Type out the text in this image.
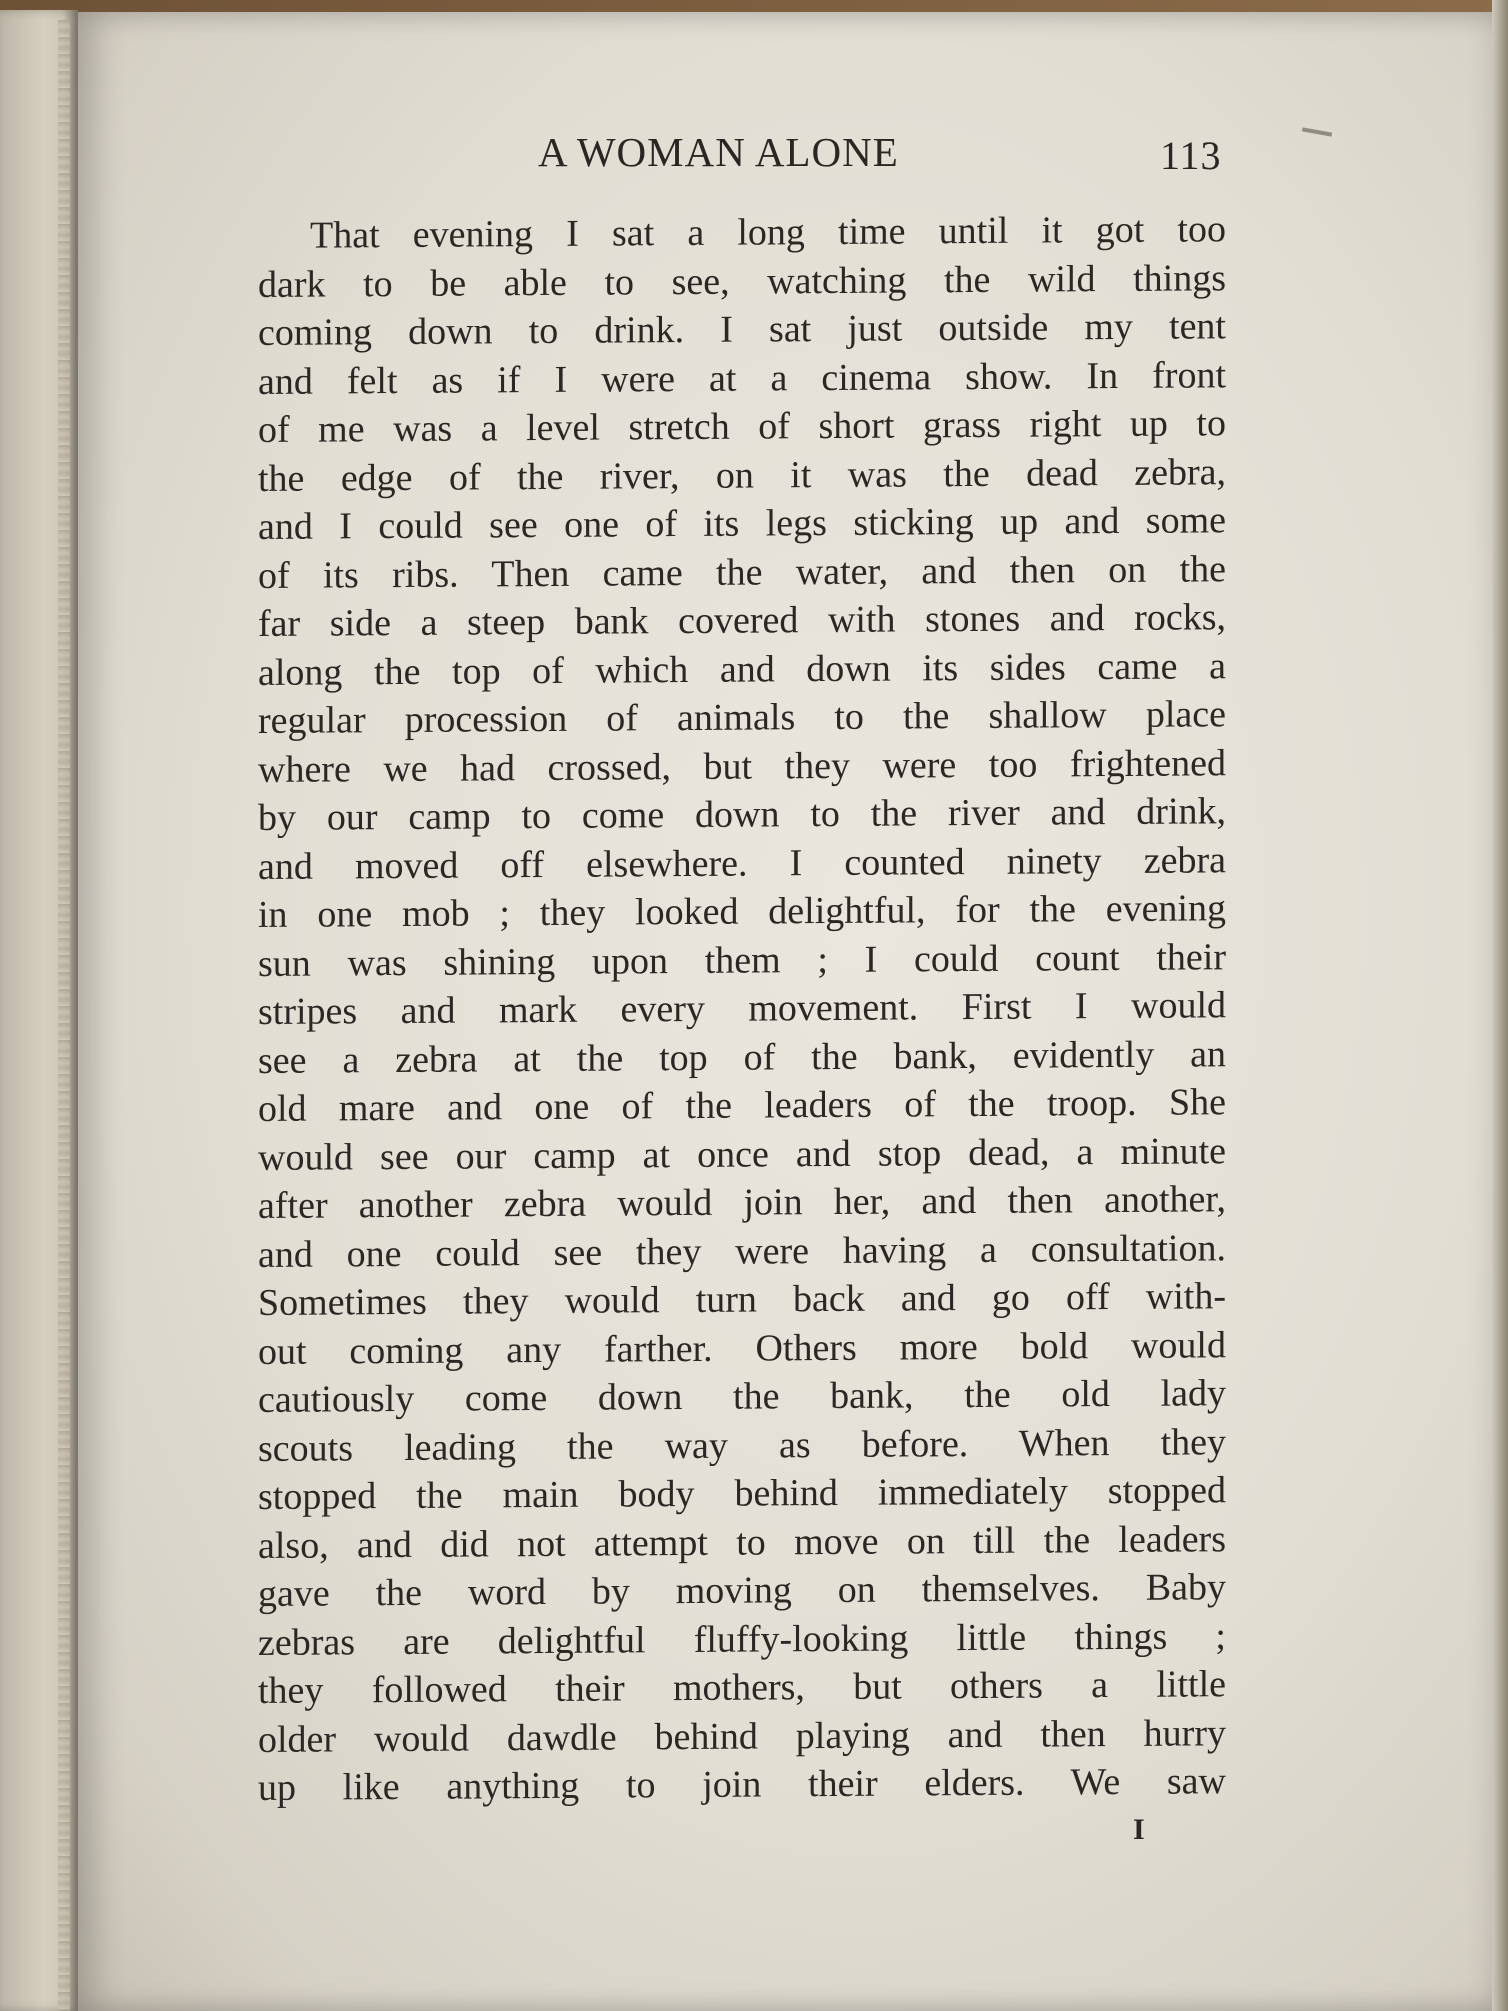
A WOMAN ALONE	113
That evening I sat a long time until it got too
dark to be able to see, watching the wild things
coming down to drink. I sat just outside my tent
and felt as if I were at a cinema show. In front
of me was a level stretch of short grass right up to
the edge of the river, on it was the dead zebra,
and I could see one of its legs sticking up and some
of its ribs. Then came the water, and then on the
far side a steep bank covered with stones and rocks,
along the top of which and down its sides came a
regular procession of animals to the shallow place
where we had crossed, but they were too frightened
by our camp to come down to the river and drink,
and moved off elsewhere. I counted ninety zebra
in one mob ; they looked delightful, for the evening
sun was shining upon them ; I could count their
stripes and mark every movement. First I would
see a zebra at the top of the bank, evidently an
old mare and one of the leaders of the troop. She
would see our camp at once and stop dead, a minute
after another zebra would join her, and then another,
and one could see they were having a consultation.
Sometimes they would turn back and go off with-
out coming any farther. Others more bold would
cautiously come down the bank, the old lady
scouts leading the way as before. When they
stopped the main body behind immediately stopped
also, and did not attempt to move on till the leaders
gave the word by moving on themselves. Baby
zebras are delightful fluffy-looking little things ;
they followed their mothers, but others a little
older would dawdle behind playing and then hurry
up like anything to join their elders. We saw
I
